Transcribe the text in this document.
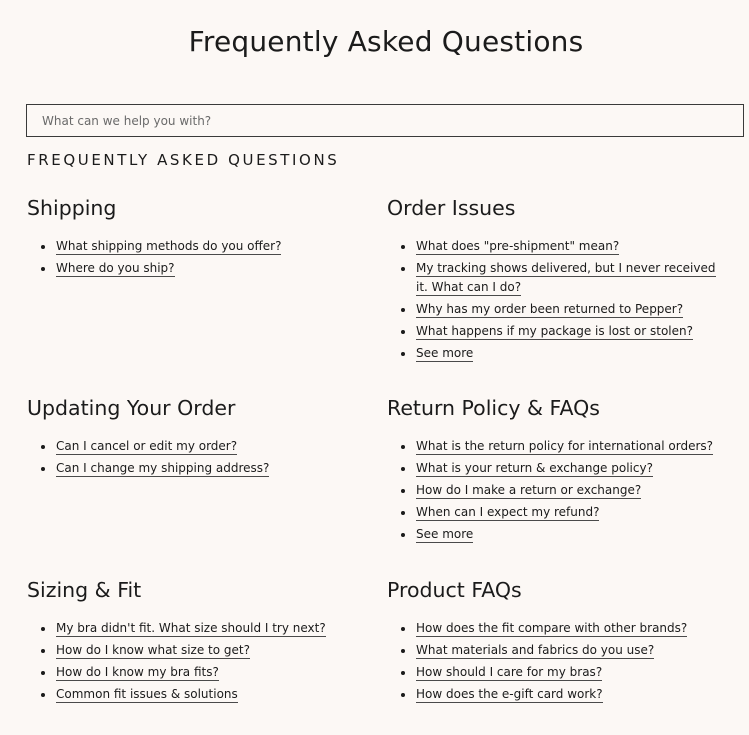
Frequently Asked Questions
What can we help you with?
FREQUENTLY ASKED QUESTIONS
Shipping
What shipping methods do you offer?
Where do you ship?
Order Issues
What does "pre-shipment" mean?
My tracking shows delivered, but I never received it. What can I do?
Why has my order been returned to Pepper?
What happens if my package is lost or stolen?
See more
Updating Your Order
Can I cancel or edit my order?
Can I change my shipping address?
Return Policy & FAQs
What is the return policy for international orders?
What is your return & exchange policy?
How do I make a return or exchange?
When can I expect my refund?
See more
Sizing & Fit
My bra didn't fit. What size should I try next?
How do I know what size to get?
How do I know my bra fits?
Common fit issues & solutions
Product FAQs
How does the fit compare with other brands?
What materials and fabrics do you use?
How should I care for my bras?
How does the e-gift card work?
